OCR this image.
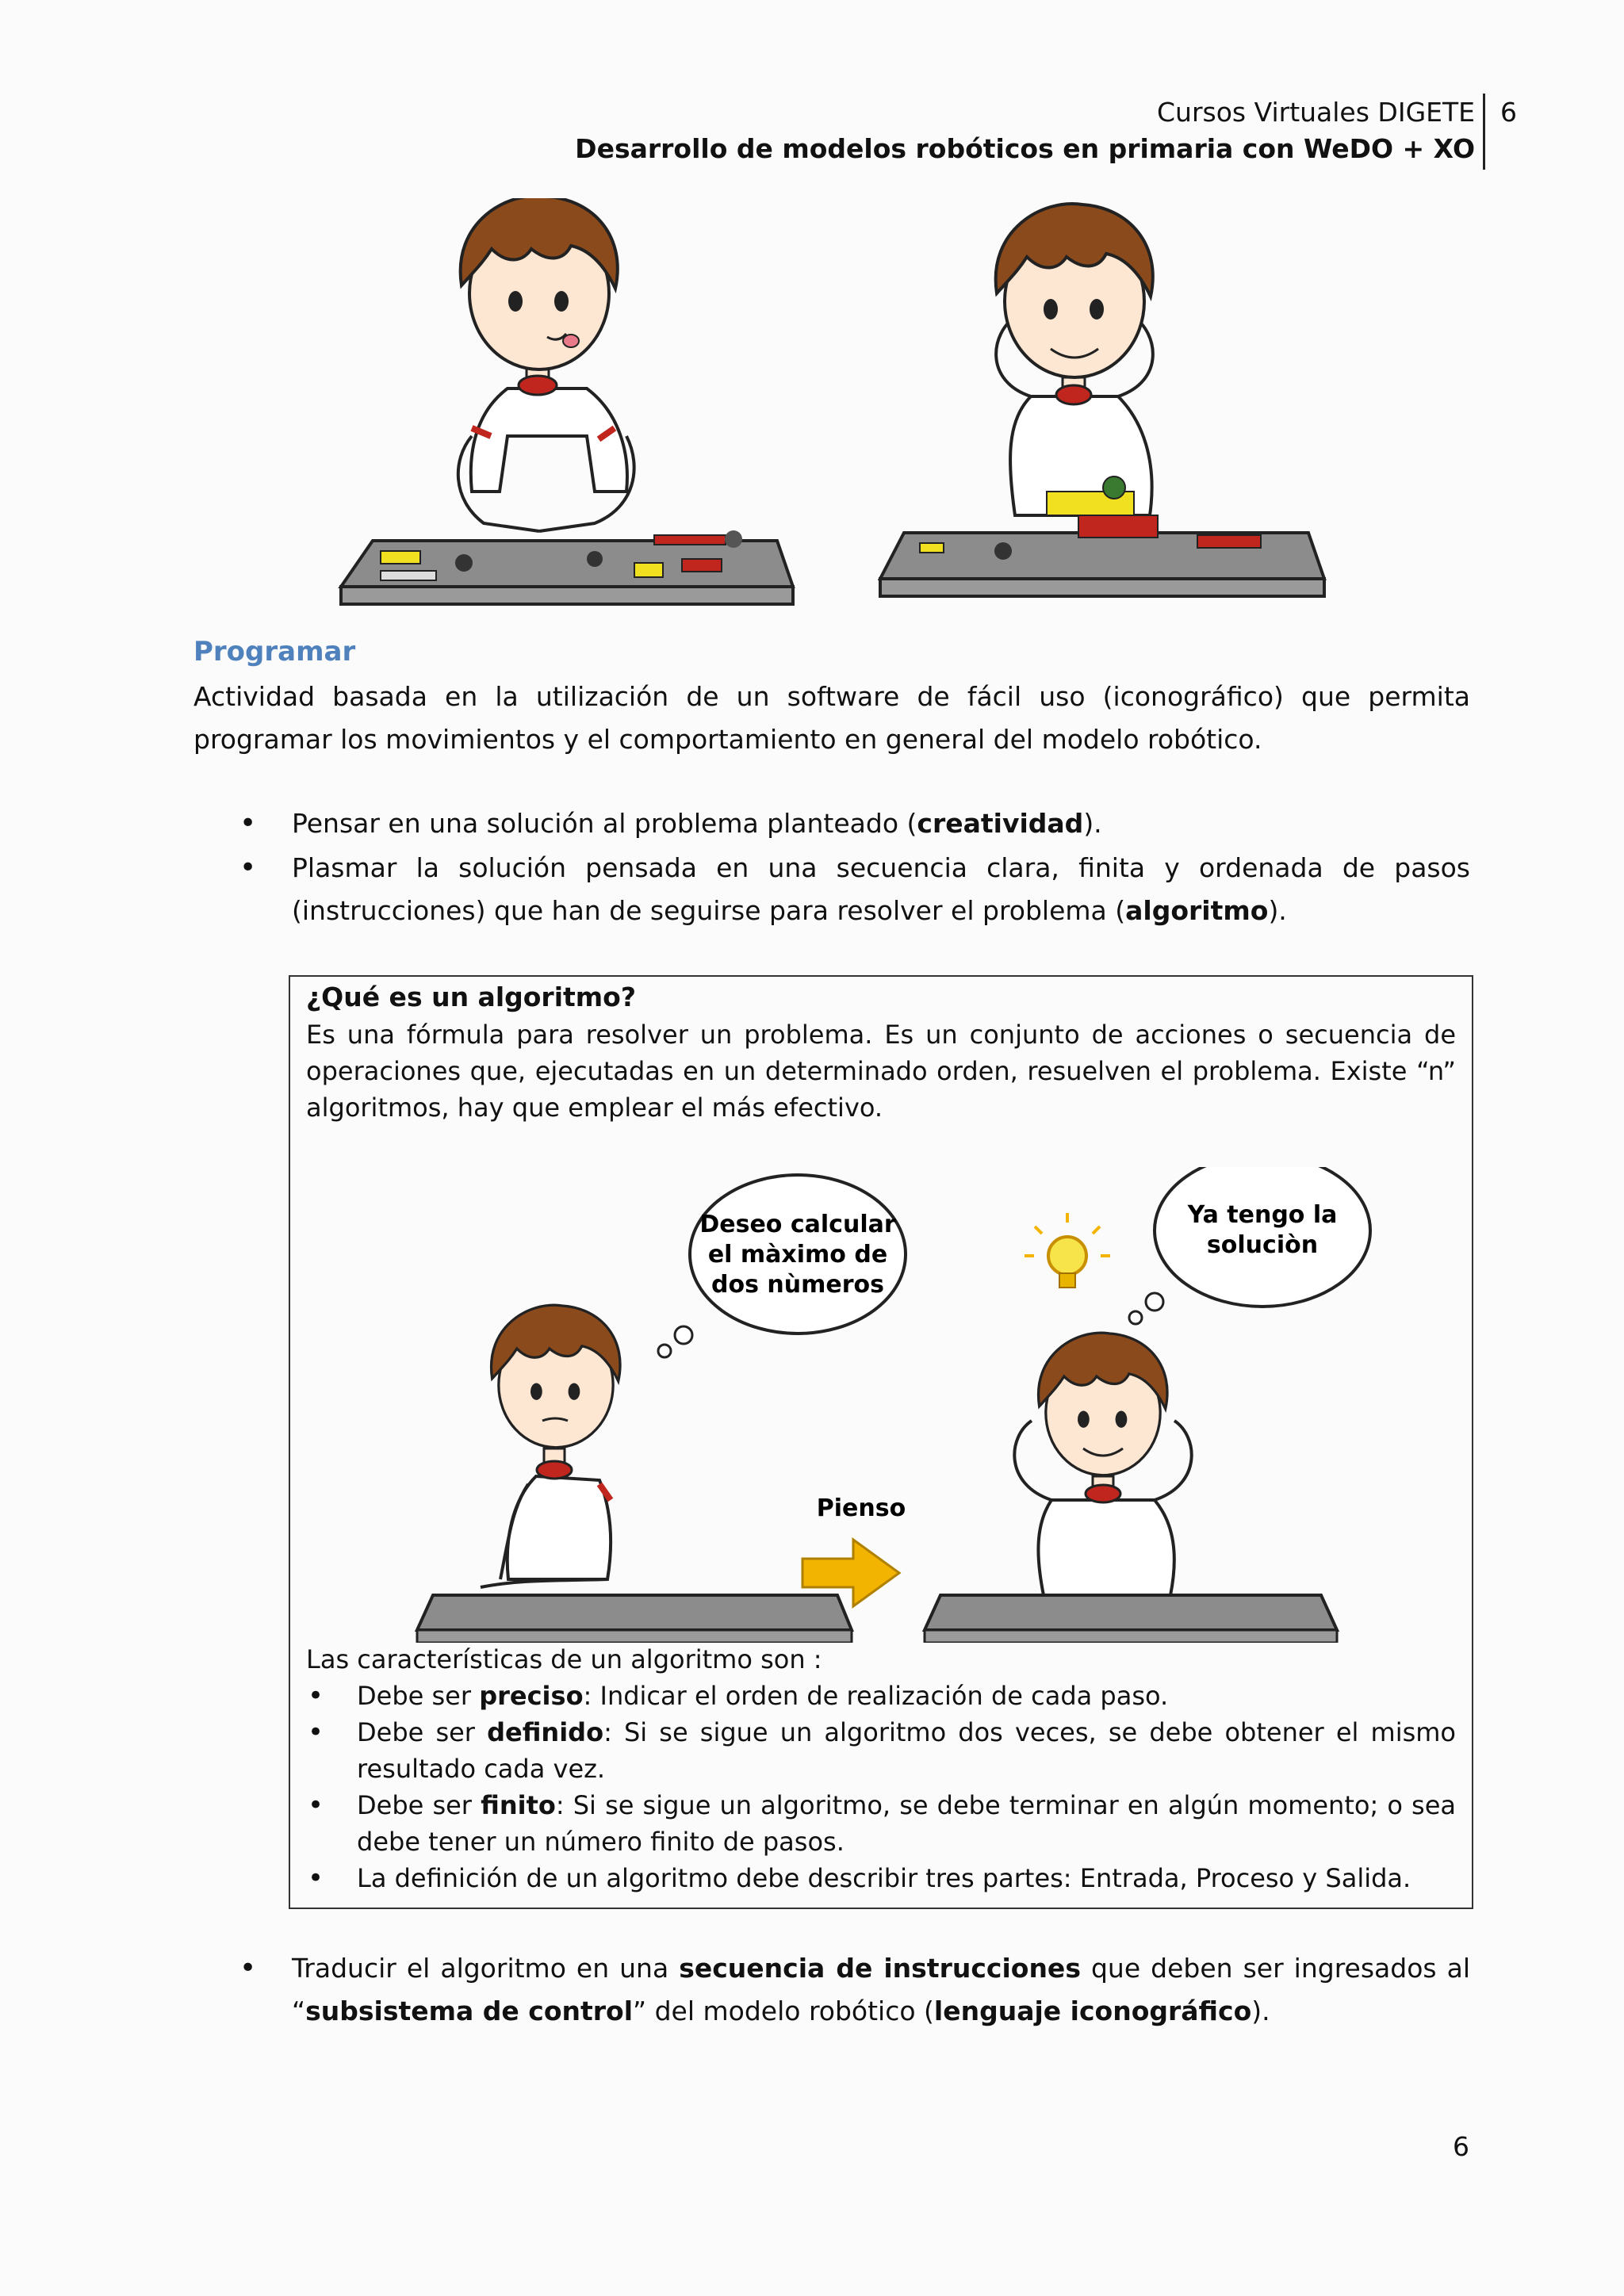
Cursos Virtuales DIGETE
Desarrollo de modelos robóticos en primaria con WeDO + XO
6
Programar
Actividad basada en la utilización de un software de fácil uso (iconográfico) que permita programar los movimientos y el comportamiento en general del modelo robótico.
• Pensar en una solución al problema planteado (creatividad).
• Plasmar la solución pensada en una secuencia clara, finita y ordenada de pasos (instrucciones) que han de seguirse para resolver el problema (algoritmo).
¿Qué es un algoritmo?
Es una fórmula para resolver un problema. Es un conjunto de acciones o secuencia de operaciones que, ejecutadas en un determinado orden, resuelven el problema. Existe “n” algoritmos, hay que emplear el más efectivo.
Deseo calcular
el màximo de
dos nùmeros
Ya tengo la
soluciòn
Pienso
Las características de un algoritmo son :
• Debe ser preciso: Indicar el orden de realización de cada paso.
• Debe ser definido: Si se sigue un algoritmo dos veces, se debe obtener el mismo resultado cada vez.
• Debe ser finito: Si se sigue un algoritmo, se debe terminar en algún momento; o sea debe tener un número finito de pasos.
• La definición de un algoritmo debe describir tres partes: Entrada, Proceso y Salida.
• Traducir el algoritmo en una secuencia de instrucciones que deben ser ingresados al “subsistema de control” del modelo robótico (lenguaje iconográfico).
6
